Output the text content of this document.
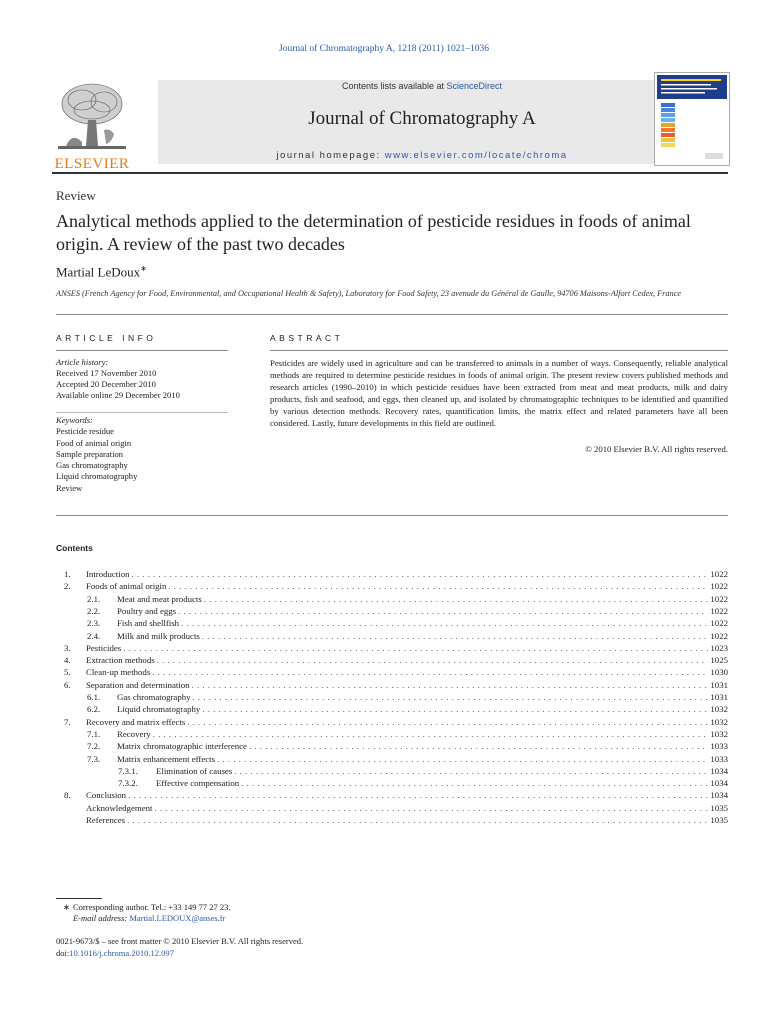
Journal of Chromatography A, 1218 (2011) 1021–1036
ELSEVIER
Contents lists available at ScienceDirect
Journal of Chromatography A
journal homepage: www.elsevier.com/locate/chroma
Review
Analytical methods applied to the determination of pesticide residues in foods of animal origin. A review of the past two decades
Martial LeDoux∗
ANSES (French Agency for Food, Environmental, and Occupational Health & Safety), Laboratory for Food Safety, 23 avenude du Général de Gaulle, 94706 Maisons-Alfort Cedex, France
ARTICLE INFO	ABSTRACT
Article history:
Received 17 November 2010
Accepted 20 December 2010
Available online 29 December 2010
Keywords:
Pesticide residue
Food of animal origin
Sample preparation
Gas chromatography
Liquid chromatography
Review
Pesticides are widely used in agriculture and can be transferred to animals in a number of ways. Consequently, reliable analytical methods are required to determine pesticide residues in foods of animal origin. The present review covers published methods and research articles (1990–2010) in which pesticide residues have been extracted from meat and meat products, milk and dairy products, fish and seafood, and eggs, then cleaned up, and isolated by chromatographic techniques to be identified and quantified by various detection methods. Recovery rates, quantification limits, the matrix effect and related parameters have all been considered. Lastly, future developments in this field are outlined.
© 2010 Elsevier B.V. All rights reserved.
Contents
1. Introduction . . .	1022
2. Foods of animal origin . . .	1022
2.1. Meat and meat products . . .	1022
2.2. Poultry and eggs . . .	1022
2.3. Fish and shellfish . . .	1022
2.4. Milk and milk products . . .	1022
3. Pesticides . . .	1023
4. Extraction methods . . .	1025
5. Clean-up methods . . .	1030
6. Separation and determination . . .	1031
6.1. Gas chromatography . . .	1031
6.2. Liquid chromatography . . .	1032
7. Recovery and matrix effects . . .	1032
7.1. Recovery . . .	1032
7.2. Matrix chromatographic interference . . .	1033
7.3. Matrix enhancement effects . . .	1033
7.3.1. Elimination of causes . . .	1034
7.3.2. Effective compensation . . .	1034
8. Conclusion . . .	1034
Acknowledgement . . .	1035
References . . .	1035
∗ Corresponding author. Tel.: +33 149 77 27 23.
E-mail address: Martial.LEDOUX@anses.fr
0021-9673/$ – see front matter © 2010 Elsevier B.V. All rights reserved.
doi:10.1016/j.chroma.2010.12.097
